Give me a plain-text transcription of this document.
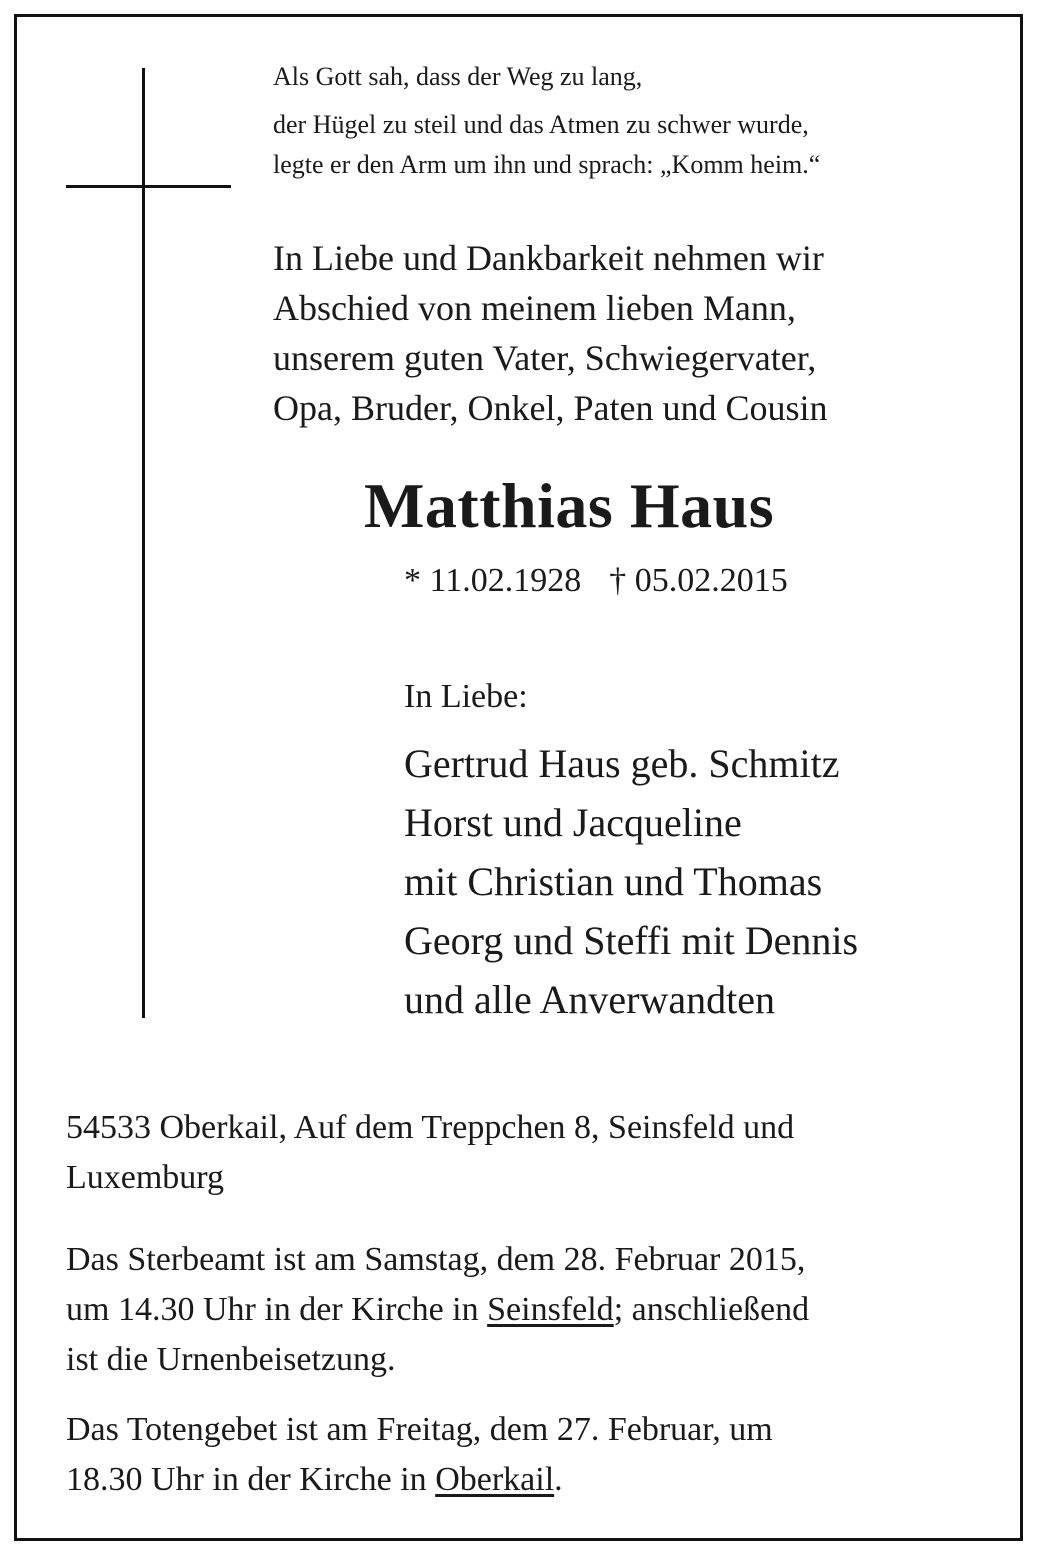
Als Gott sah, dass der Weg zu lang,
der Hügel zu steil und das Atmen zu schwer wurde,
legte er den Arm um ihn und sprach: „Komm heim.“
In Liebe und Dankbarkeit nehmen wir
Abschied von meinem lieben Mann,
unserem guten Vater, Schwiegervater,
Opa, Bruder, Onkel, Paten und Cousin
Matthias Haus
* 11.02.1928 † 05.02.2015
In Liebe:
Gertrud Haus geb. Schmitz
Horst und Jacqueline
mit Christian und Thomas
Georg und Steffi mit Dennis
und alle Anverwandten
54533 Oberkail, Auf dem Treppchen 8, Seinsfeld und
Luxemburg
Das Sterbeamt ist am Samstag, dem 28. Februar 2015,
um 14.30 Uhr in der Kirche in Seinsfeld; anschließend
ist die Urnenbeisetzung.
Das Totengebet ist am Freitag, dem 27. Februar, um
18.30 Uhr in der Kirche in Oberkail.
